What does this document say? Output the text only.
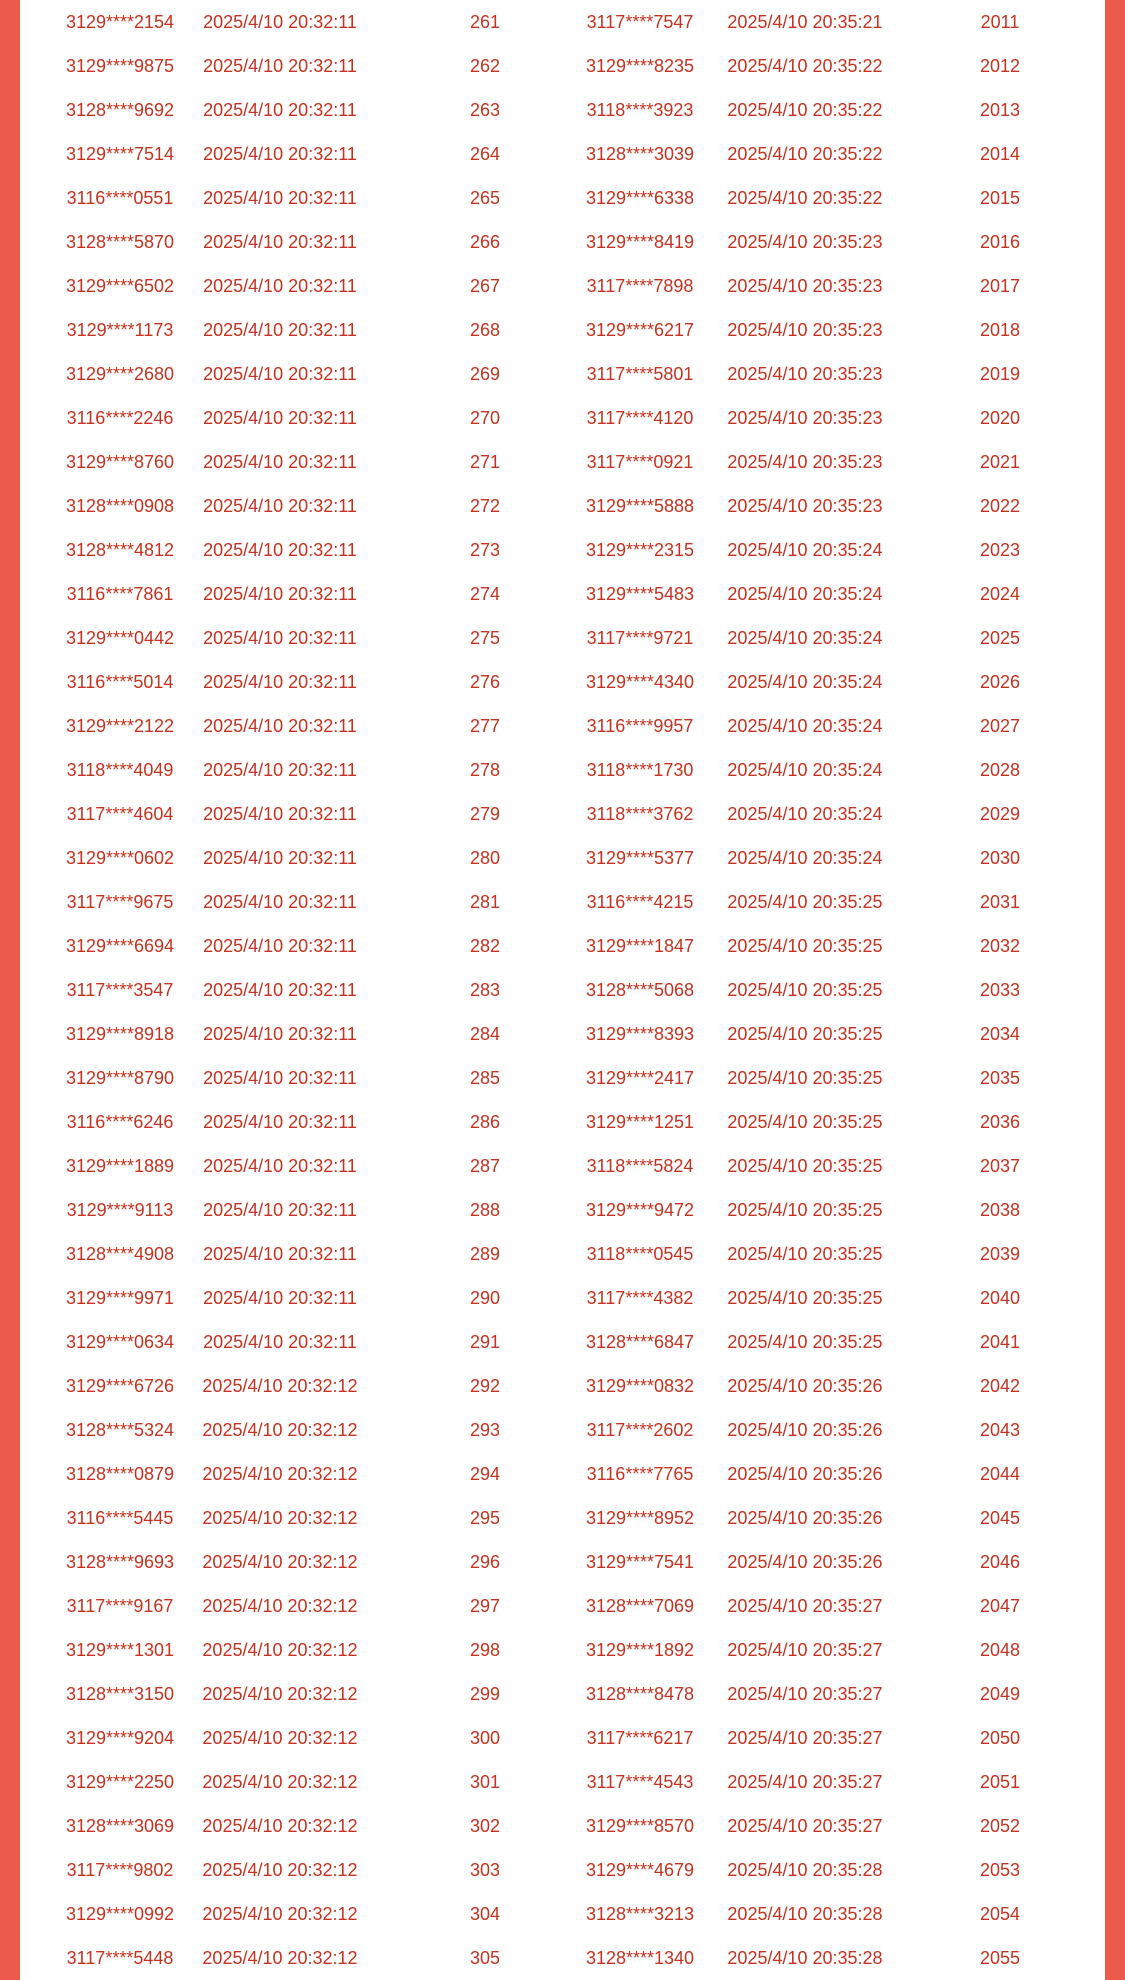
3129****2154	2025/4/10 20:32:11	261	3117****7547	2025/4/10 20:35:21	2011
3129****9875	2025/4/10 20:32:11	262	3129****8235	2025/4/10 20:35:22	2012
3128****9692	2025/4/10 20:32:11	263	3118****3923	2025/4/10 20:35:22	2013
3129****7514	2025/4/10 20:32:11	264	3128****3039	2025/4/10 20:35:22	2014
3116****0551	2025/4/10 20:32:11	265	3129****6338	2025/4/10 20:35:22	2015
3128****5870	2025/4/10 20:32:11	266	3129****8419	2025/4/10 20:35:23	2016
3129****6502	2025/4/10 20:32:11	267	3117****7898	2025/4/10 20:35:23	2017
3129****1173	2025/4/10 20:32:11	268	3129****6217	2025/4/10 20:35:23	2018
3129****2680	2025/4/10 20:32:11	269	3117****5801	2025/4/10 20:35:23	2019
3116****2246	2025/4/10 20:32:11	270	3117****4120	2025/4/10 20:35:23	2020
3129****8760	2025/4/10 20:32:11	271	3117****0921	2025/4/10 20:35:23	2021
3128****0908	2025/4/10 20:32:11	272	3129****5888	2025/4/10 20:35:23	2022
3128****4812	2025/4/10 20:32:11	273	3129****2315	2025/4/10 20:35:24	2023
3116****7861	2025/4/10 20:32:11	274	3129****5483	2025/4/10 20:35:24	2024
3129****0442	2025/4/10 20:32:11	275	3117****9721	2025/4/10 20:35:24	2025
3116****5014	2025/4/10 20:32:11	276	3129****4340	2025/4/10 20:35:24	2026
3129****2122	2025/4/10 20:32:11	277	3116****9957	2025/4/10 20:35:24	2027
3118****4049	2025/4/10 20:32:11	278	3118****1730	2025/4/10 20:35:24	2028
3117****4604	2025/4/10 20:32:11	279	3118****3762	2025/4/10 20:35:24	2029
3129****0602	2025/4/10 20:32:11	280	3129****5377	2025/4/10 20:35:24	2030
3117****9675	2025/4/10 20:32:11	281	3116****4215	2025/4/10 20:35:25	2031
3129****6694	2025/4/10 20:32:11	282	3129****1847	2025/4/10 20:35:25	2032
3117****3547	2025/4/10 20:32:11	283	3128****5068	2025/4/10 20:35:25	2033
3129****8918	2025/4/10 20:32:11	284	3129****8393	2025/4/10 20:35:25	2034
3129****8790	2025/4/10 20:32:11	285	3129****2417	2025/4/10 20:35:25	2035
3116****6246	2025/4/10 20:32:11	286	3129****1251	2025/4/10 20:35:25	2036
3129****1889	2025/4/10 20:32:11	287	3118****5824	2025/4/10 20:35:25	2037
3129****9113	2025/4/10 20:32:11	288	3129****9472	2025/4/10 20:35:25	2038
3128****4908	2025/4/10 20:32:11	289	3118****0545	2025/4/10 20:35:25	2039
3129****9971	2025/4/10 20:32:11	290	3117****4382	2025/4/10 20:35:25	2040
3129****0634	2025/4/10 20:32:11	291	3128****6847	2025/4/10 20:35:25	2041
3129****6726	2025/4/10 20:32:12	292	3129****0832	2025/4/10 20:35:26	2042
3128****5324	2025/4/10 20:32:12	293	3117****2602	2025/4/10 20:35:26	2043
3128****0879	2025/4/10 20:32:12	294	3116****7765	2025/4/10 20:35:26	2044
3116****5445	2025/4/10 20:32:12	295	3129****8952	2025/4/10 20:35:26	2045
3128****9693	2025/4/10 20:32:12	296	3129****7541	2025/4/10 20:35:26	2046
3117****9167	2025/4/10 20:32:12	297	3128****7069	2025/4/10 20:35:27	2047
3129****1301	2025/4/10 20:32:12	298	3129****1892	2025/4/10 20:35:27	2048
3128****3150	2025/4/10 20:32:12	299	3128****8478	2025/4/10 20:35:27	2049
3129****9204	2025/4/10 20:32:12	300	3117****6217	2025/4/10 20:35:27	2050
3129****2250	2025/4/10 20:32:12	301	3117****4543	2025/4/10 20:35:27	2051
3128****3069	2025/4/10 20:32:12	302	3129****8570	2025/4/10 20:35:27	2052
3117****9802	2025/4/10 20:32:12	303	3129****4679	2025/4/10 20:35:28	2053
3129****0992	2025/4/10 20:32:12	304	3128****3213	2025/4/10 20:35:28	2054
3117****5448	2025/4/10 20:32:12	305	3128****1340	2025/4/10 20:35:28	2055
